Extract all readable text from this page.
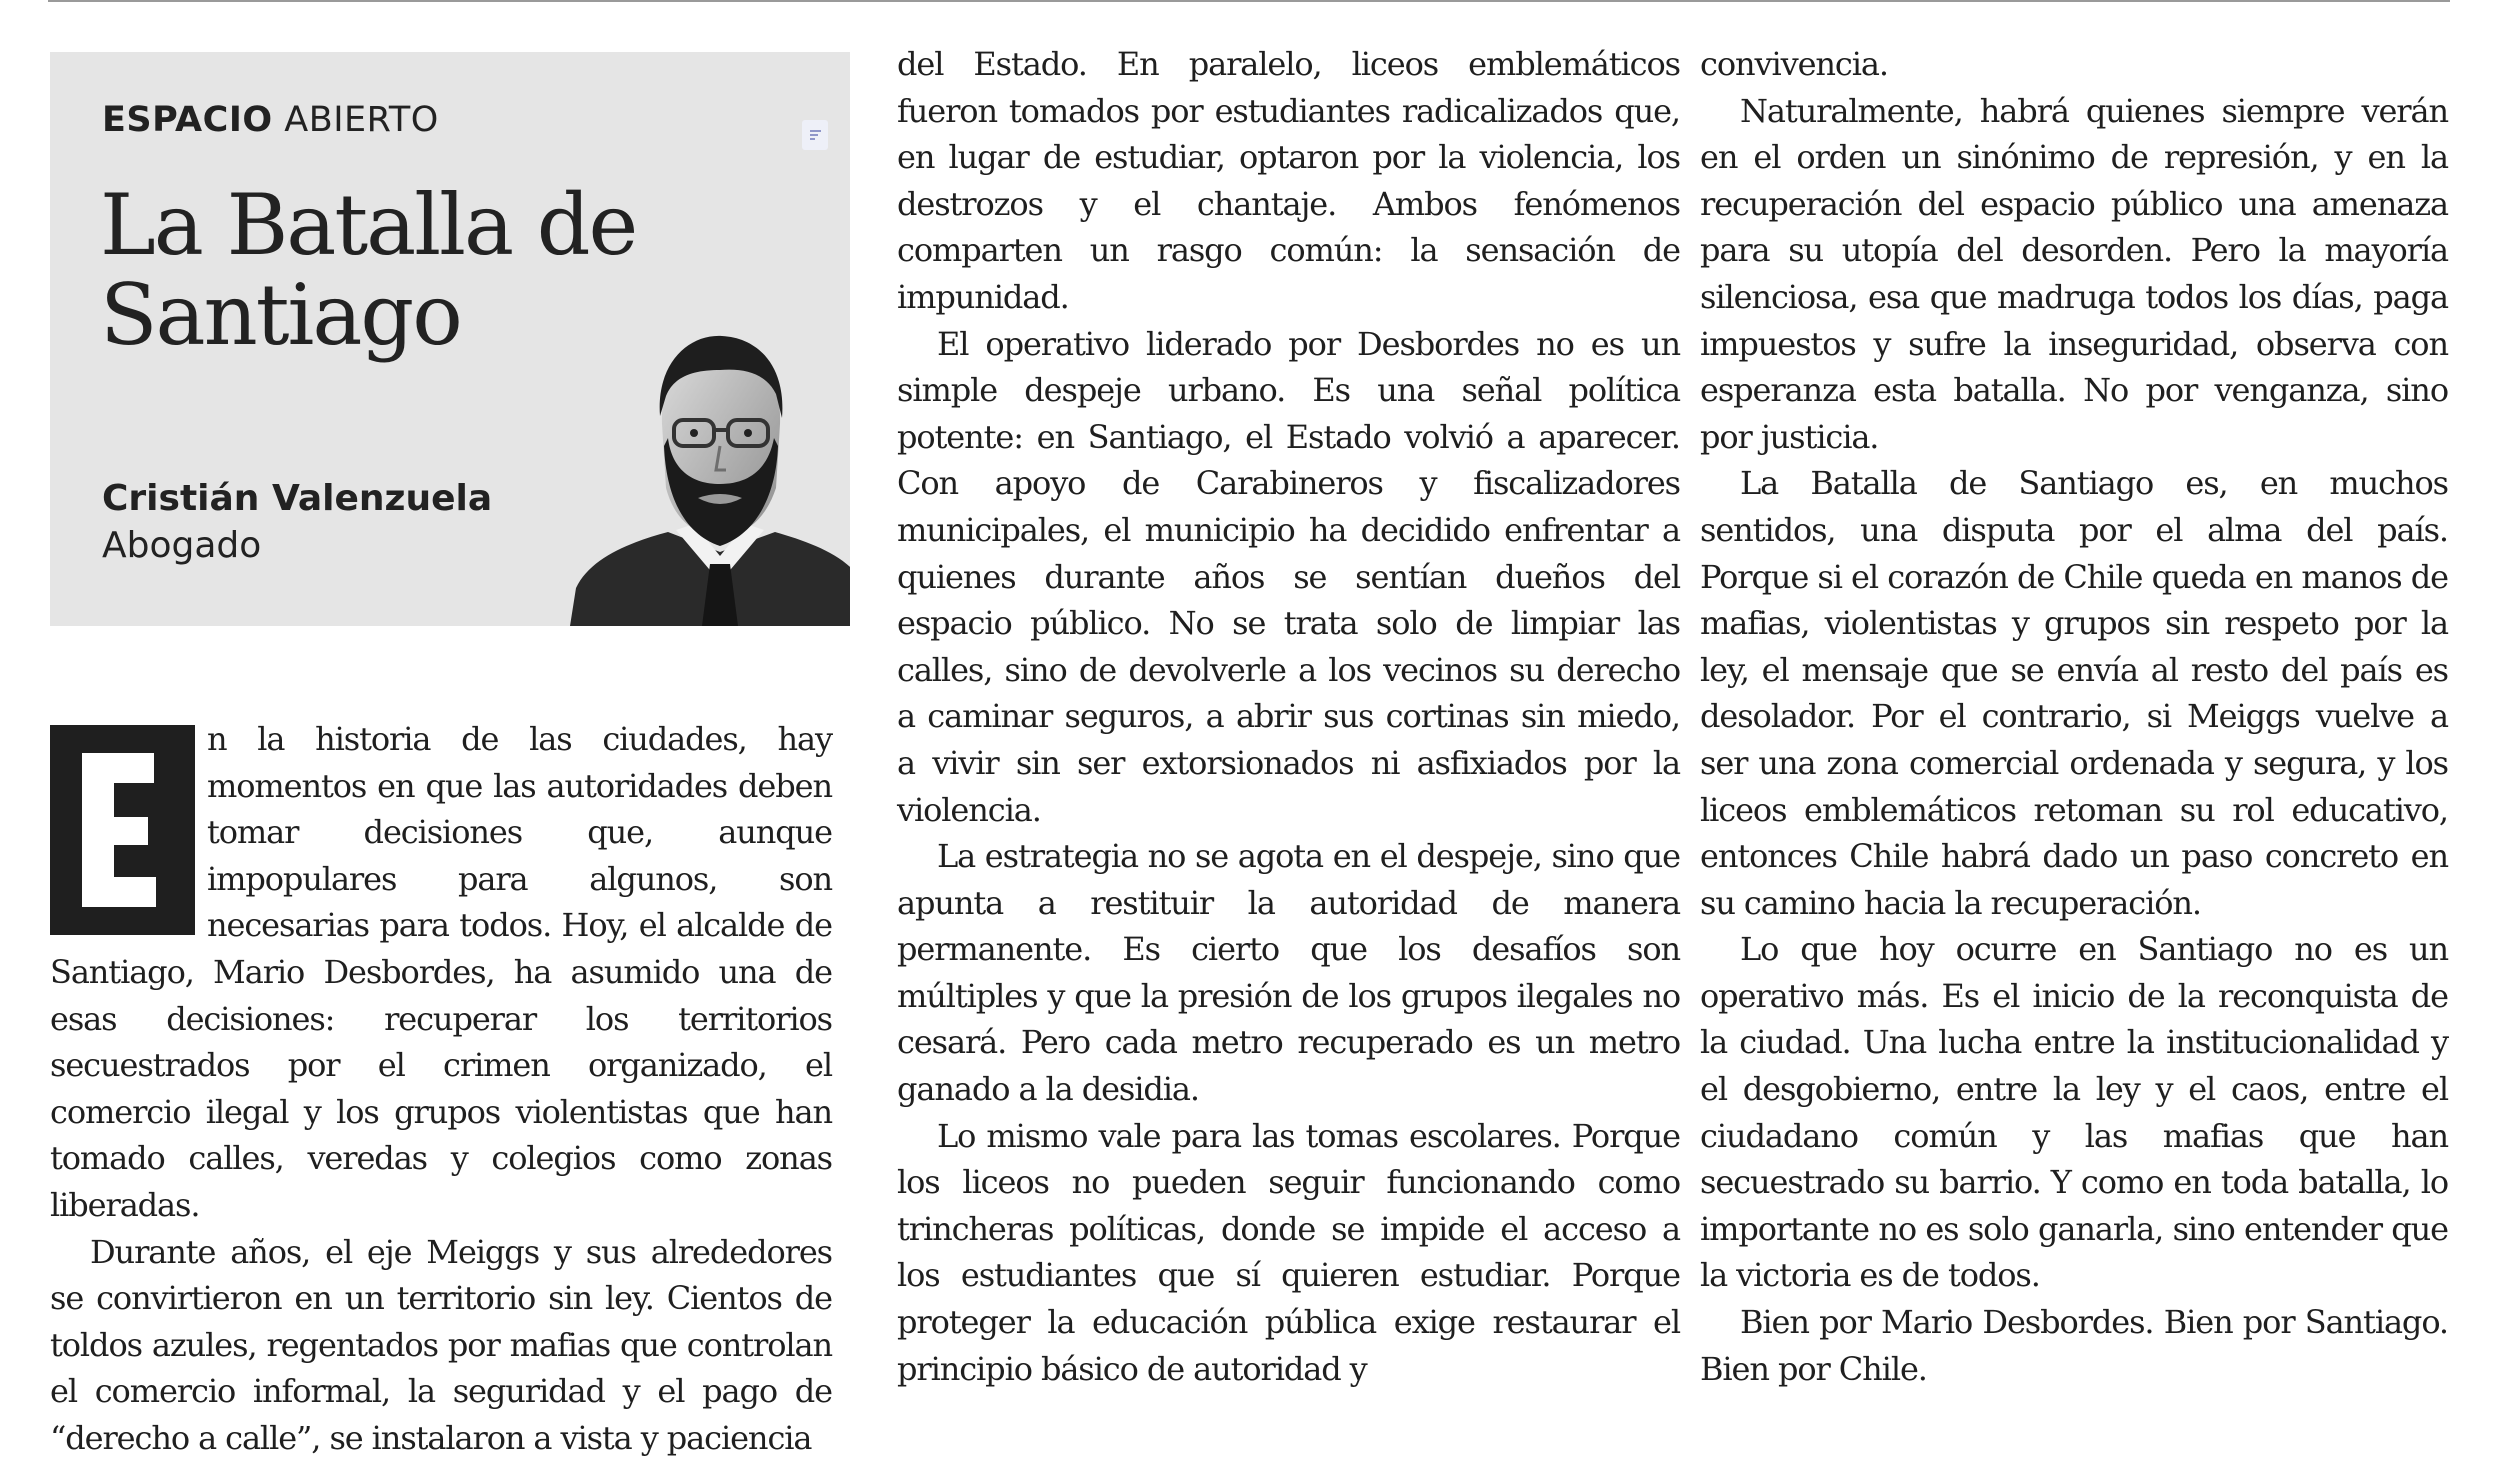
ESPACIO ABIERTO
La Batalla de Santiago
Cristián Valenzuela
Abogado

n la historia de las ciudades, hay momentos en que las autoridades deben tomar decisiones que, aunque impopulares para algunos, son necesarias para todos. Hoy, el alcalde de Santiago, Mario Desbordes, ha asumido una de esas decisiones: recuperar los territorios secuestrados por el crimen organizado, el comercio ilegal y los grupos violentistas que han tomado calles, veredas y colegios como zonas liberadas.

Durante años, el eje Meiggs y sus alrededores se convirtieron en un territorio sin ley. Cientos de toldos azules, regentados por mafias que controlan el comercio informal, la seguridad y el pago de “derecho a calle”, se instalaron a vista y paciencia

del Estado. En paralelo, liceos emblemáticos fueron tomados por estudiantes radicalizados que, en lugar de estudiar, optaron por la violencia, los destrozos y el chantaje. Ambos fenómenos comparten un rasgo común: la sensación de impunidad.

El operativo liderado por Desbordes no es un simple despeje urbano. Es una señal política potente: en Santiago, el Estado volvió a aparecer. Con apoyo de Carabineros y fiscalizadores municipales, el municipio ha decidido enfrentar a quienes durante años se sentían dueños del espacio público. No se trata solo de limpiar las calles, sino de devolverle a los vecinos su derecho a caminar seguros, a abrir sus cortinas sin miedo, a vivir sin ser extorsionados ni asfixiados por la violencia.

La estrategia no se agota en el despeje, sino que apunta a restituir la autoridad de manera permanente. Es cierto que los desafíos son múltiples y que la presión de los grupos ilegales no cesará. Pero cada metro recuperado es un metro ganado a la desidia.

Lo mismo vale para las tomas escolares. Porque los liceos no pueden seguir funcionando como trincheras políticas, donde se impide el acceso a los estudiantes que sí quieren estudiar. Porque proteger la educación pública exige restaurar el principio básico de autoridad y

convivencia.

Naturalmente, habrá quienes siempre verán en el orden un sinónimo de represión, y en la recuperación del espacio público una amenaza para su utopía del desorden. Pero la mayoría silenciosa, esa que madruga todos los días, paga impuestos y sufre la inseguridad, observa con esperanza esta batalla. No por venganza, sino por justicia.

La Batalla de Santiago es, en muchos sentidos, una disputa por el alma del país. Porque si el corazón de Chile queda en manos de mafias, violentistas y grupos sin respeto por la ley, el mensaje que se envía al resto del país es desolador. Por el contrario, si Meiggs vuelve a ser una zona comercial ordenada y segura, y los liceos emblemáticos retoman su rol educativo, entonces Chile habrá dado un paso concreto en su camino hacia la recuperación.

Lo que hoy ocurre en Santiago no es un operativo más. Es el inicio de la reconquista de la ciudad. Una lucha entre la institucionalidad y el desgobierno, entre la ley y el caos, entre el ciudadano común y las mafias que han secuestrado su barrio. Y como en toda batalla, lo importante no es solo ganarla, sino entender que la victoria es de todos.

Bien por Mario Desbordes. Bien por Santiago. Bien por Chile.
